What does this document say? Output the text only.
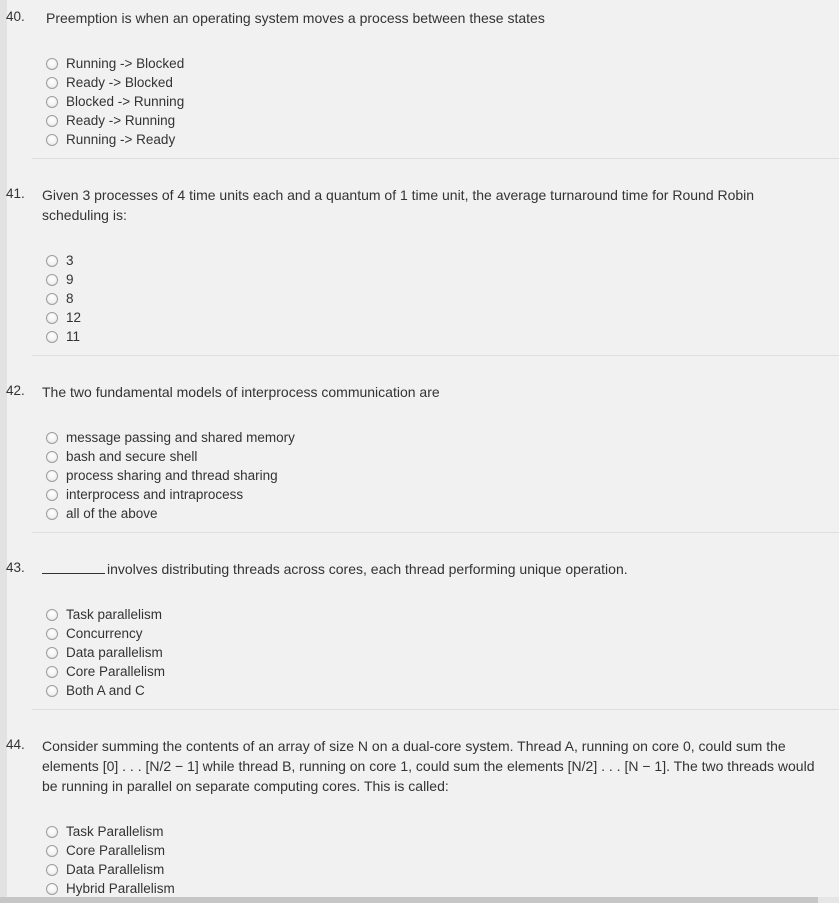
40. Preemption is when an operating system moves a process between these states
Running -> Blocked
Ready -> Blocked
Blocked -> Running
Ready -> Running
Running -> Ready
41. Given 3 processes of 4 time units each and a quantum of 1 time unit, the average turnaround time for Round Robin scheduling is:
3
9
8
12
11
42. The two fundamental models of interprocess communication are
message passing and shared memory
bash and secure shell
process sharing and thread sharing
interprocess and intraprocess
all of the above
43.	involves distributing threads across cores, each thread performing unique operation.
Task parallelism
Concurrency
Data parallelism
Core Parallelism
Both A and C
44. Consider summing the contents of an array of size N on a dual-core system. Thread A, running on core 0, could sum the elements [0] . . . [N/2 − 1] while thread B, running on core 1, could sum the elements [N/2] . . . [N − 1]. The two threads would be running in parallel on separate computing cores. This is called:
Task Parallelism
Core Parallelism
Data Parallelism
Hybrid Parallelism
